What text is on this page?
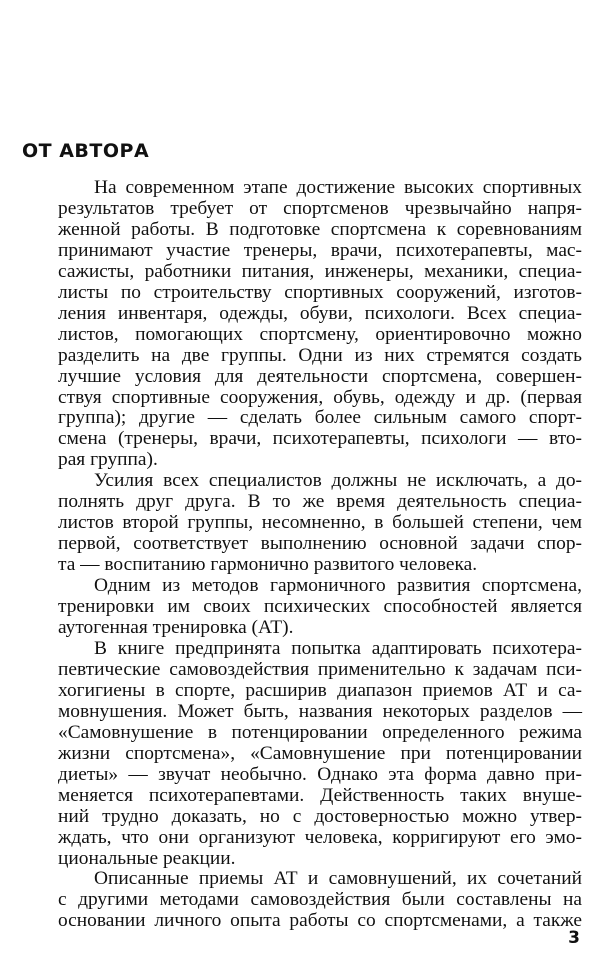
ОТ АВТОРА

На современном этапе достижение высоких спортивных
результатов требует от спортсменов чрезвычайно напря-
женной работы. В подготовке спортсмена к соревнованиям
принимают участие тренеры, врачи, психотерапевты, мас-
сажисты, работники питания, инженеры, механики, специа-
листы по строительству спортивных сооружений, изготов-
ления инвентаря, одежды, обуви, психологи. Всех специа-
листов, помогающих спортсмену, ориентировочно можно
разделить на две группы. Одни из них стремятся создать
лучшие условия для деятельности спортсмена, совершен-
ствуя спортивные сооружения, обувь, одежду и др. (первая
группа); другие — сделать более сильным самого спорт-
смена (тренеры, врачи, психотерапевты, психологи — вто-
рая группа).

Усилия всех специалистов должны не исключать, а до-
полнять друг друга. В то же время деятельность специа-
листов второй группы, несомненно, в большей степени, чем
первой, соответствует выполнению основной задачи спор-
та — воспитанию гармонично развитого человека.

Одним из методов гармоничного развития спортсмена,
тренировки им своих психических способностей является
аутогенная тренировка (АТ).

В книге предпринята попытка адаптировать психотера-
певтические самовоздействия применительно к задачам пси-
хогигиены в спорте, расширив диапазон приемов АТ и са-
мовнушения. Может быть, названия некоторых разделов —
«Самовнушение в потенцировании определенного режима
жизни спортсмена», «Самовнушение при потенцировании
диеты» — звучат необычно. Однако эта форма давно при-
меняется психотерапевтами. Действенность таких внуше-
ний трудно доказать, но с достоверностью можно утвер-
ждать, что они организуют человека, корригируют его эмо-
циональные реакции.

Описанные приемы АТ и самовнушений, их сочетаний
с другими методами самовоздействия были составлены на
основании личного опыта работы со спортсменами, а также

3
